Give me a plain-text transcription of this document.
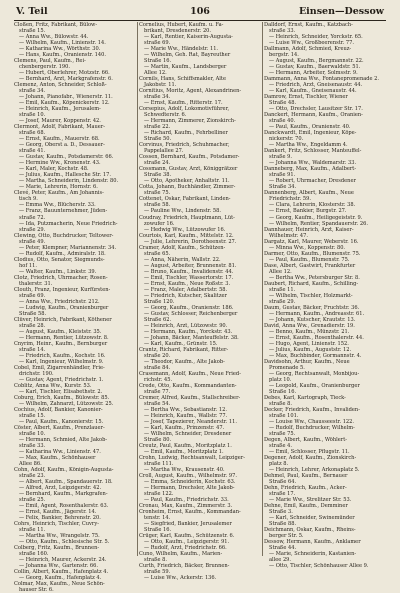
V. Teil	106	Einsen—Dessow
Cloßen, Fritz, Fabrikant, Bülow-
straße 15.
— Anna Ww., Bülowstr. 44.
— Wilhelm, Kaufm., Linienstr. 14.
— Katharina Ww., Wörthstr. 30.
— Hans, Kaufm., Oranienstr. 140.
Clemens, Paul, Kaufm., Rei-
chenbergerstr. 190.
— Hubert, Oberlehrer, Motzstr. 66.
— Bernhard, Arzt, Markgrafenstr. 6.
Clemenz, Anton, Schneider, Schloß-
straße 34.
— Johann, Pianofabr., Wienerstr. 11.
— Emil, Kaufm., Köpenickerstr. 12.
— Heinrich, Kaufm., Jerusalem-
straße 10.
— Josef, Maurer, Koppenstr. 42.
Clermont, Adolf, Fabrikant, Mauer-
straße 68.
— Ernst, Kaufm., Mauerstr. 68.
— Georg, Oberst a. D., Dessauer-
straße 41.
— Gustav, Kaufm., Potsdamerstr. 66.
— Hermine Ww., Kronenstr. 43.
— Karl, Maler, Kochstr. 48.
— Julius, Kaufm., Hallesche Str. 17.
— Martha, Schneiderin, Lindenstr. 80.
— Marie, Lehrerin, Hornstr. 6.
Clevé, Peter, Kaufm., Am Johannis-
tisch 9.
— Emma Ww., Blücherstr. 33.
— Franz, Bauunternehmer, Jüden-
straße 72.
— Ida, Putzmacherin, Neue Friedrich-
straße 29.
Clewing, Otto, Buchdrucker, Teltower-
straße 49.
— Peter, Klempner, Mariannenstr. 34.
— Rudolf, Kaufm., Admiralstr. 18.
Clodius, Otto, Senator, Siegmunds-
hof 11.
— Walter, Kaufm., Linkstr. 39.
Clotz, Friedrich, Uhrmacher, Rosen-
thalerstr. 31.
Clouth, Franz, Ingenieur, Kurfürsten-
straße 69.
— Anna Ww., Friedrichstr. 212.
— Ludwig, Kaufm., Oranienburger
Straße 58.
Clüver, Heinrich, Fabrikant, Köthener
straße 28.
— August, Kaufm., Kleiststr. 35.
— Hermann, Rentier, Lützowstr. 8.
Cnyrim, Heinr., Kaufm., Bernburger
straße 14.
— Friedrich, Kaufm., Kochstr. 16.
— Karl, Ingenieur, Wilhelmstr. 9.
Cobel, Emil, Zigarrenhändler, Frie-
drichstr. 190.
— Gustav, Agent, Friedrichstr. 1.
Coblitz, Anna Ww., Kurstr. 53.
— Karl, Tischler, Elisabethstr. 2.
Coburg, Erich, Kaufm., Bülowstr. 85.
— Wilhelm, Zahnarzt, Lützowstr. 25.
Cochius, Adolf, Bankier, Kanonier-
straße 15.
— Paul, Kaufm., Kanonierstr. 15.
Cöster, Albert, Kaufm., Prenzlauer-
straße 10.
— Hermann, Schmied, Alte Jakob-
straße 33.
— Katharina Ww., Linienstr. 47.
— Max, Kaufm., Schönhauser
Allee 86.
Cohn, Adolf, Kaufm., Königin-Augusta-
straße 23.
— Albert, Kaufm., Spandauerstr. 18.
— Alfred, Arzt, Leipzigerstr. 42.
— Bernhard, Kaufm., Markgrafen-
straße 25.
— Emil, Agent, Rosenthalerstr. 63.
— Ernst, Kaufm., Jägerstr. 14.
— Felix, Bankier, Behrenstr. 20.
Cohrs, Heinrich, Tischler, Cuvry-
straße 11.
— Martha Ww., Wrangelstr. 75.
— Otto, Kaufm., Schlesische Str. 5.
Colberg, Fritz, Kaufm., Brunnen-
straße 160.
— Heinrich, Maurer, Ackerstr. 24.
— Johanna Ww., Gartenstr. 66.
Collin, Albert, Kaufm., Hafenplatz 4.
— Georg, Kaufm., Hafenplatz 4.
Colmar, Max, Kaufm., Neue Schön-
hauser Str. 6.
Cornelius, Hubert, Kaufm. u. Fa-
brikant, Dresdenerstr. 20.
— Karl, Rentier, Kaiserin-Augusta-
straße 69.
— Marie Ww., Händelstr. 11.
— Wilhelm, Geh. Rat, Bayreuther
Straße 16.
— Martin, Kaufm., Landsberger
Allee 12.
Cornils, Hans, Schiffsmakler, Alte
Jakobstr. 11.
Cornitius, Moritz, Agent, Alexandrinen-
straße 34.
— Ernst, Kaufm., Ritterstr. 17.
Corsepius, Adolf, Lokomotivführer,
Schwedterstr. 6.
— Hermann, Zimmerer, Zionskirch-
straße 22.
— Richard, Kaufm., Fehrbelliner
Straße 50.
Corvinus, Friedrich, Schuhmacher,
Pappelallee 27.
Cossen, Bernhard, Kaufm., Potsdamer-
straße 24.
Cossmann, Gustav, Arzt, Königgrätzer
Straße 38.
— Otto, Apotheker, Anhaltstr. 11.
Cotta, Johann, Buchhändler, Zimmer-
straße 75.
Cottenet, Oskar, Fabrikant, Linden-
straße 58.
— Pauline Ww., Lindenstr. 58.
Coudray, Friedrich, Hauptmann, Lüt-
zowufer 16.
— Hedwig Ww., Lützowufer 16.
Courtois, Karl, Kaufm., Mittelstr. 12.
— Julie, Lehrerin, Dorotheenstr. 27.
Cramer, Adolf, Kaufm., Schützen-
straße 65.
— Anna, Näherin, Wallstr. 22.
— August, Arbeiter, Brunnenstr. 81.
— Bruno, Kaufm., Invalidenstr. 44.
— Emil, Tischler, Wassertorstr. 17.
— Ernst, Kaufm., Neue Roßstr. 3.
— Franz, Maler, Adalbertstr. 58.
— Friedrich, Kutscher, Skalitzer
Straße 120.
— Georg, Kaufm., Oranienstr. 186.
— Gustav, Schlosser, Reichenberger
Straße 62.
— Heinrich, Arzt, Lützowstr. 90.
— Hermann, Kaufm., Yorckstr. 43.
— Johann, Bäcker, Manteuffelstr. 38.
— Karl, Kaufm., Grünstr. 15.
Crantz, Richard, Fabrikant, Ritter-
straße 20.
— Theodor, Kaufm., Alte Jakob-
straße 84.
Crasemann, Adolf, Kaufm., Neue Fried-
richstr. 45.
Crede, Otto, Kaufm., Kommandanten-
straße 77.
Cremer, Alfred, Kaufm., Stallschreiber-
straße 54.
— Bertha Ww., Sebastianstr. 12.
— Heinrich, Kaufm., Wallstr. 77.
— Josef, Tapezierer, Neanderstr. 11.
— Karl, Kaufm., Prinzenstr. 47.
— Wilhelm, Schneider, Dresdener
Straße 80.
Creutz, Paul, Kaufm., Moritzplatz 1.
— Emil, Kaufm., Moritzplatz 1.
Crohn, Ludwig, Rechtsanwalt, Leipziger-
straße 111.
— Martha Ww., Krausenstr. 40.
Croll, August, Kaufm., Wilhelmstr. 97.
— Emma, Schneiderin, Kochstr. 63.
— Hermann, Drechsler, Alte Jakob-
straße 122.
— Paul, Kaufm., Friedrichstr. 33.
Cronau, Max, Kaufm., Zimmerstr. 3.
Cronheim, Ernst, Kaufm., Kommandan-
tenstr. 14.
— Siegfried, Bankier, Jerusalemer
Straße 16.
Crüger, Karl, Kaufm., Schützenstr. 6.
— Otto, Kaufm., Leipzigerstr. 91.
— Rudolf, Arzt, Friedrichstr. 66.
Cuno, Wilhelm, Kaufm., Marien-
straße 8.
Curth, Friedrich, Bäcker, Brunnen-
straße 59.
— Luise Ww., Ackerstr. 136.
Dalldorf, Ernst, Kaufm., Katzbach-
straße 33.
— Heinrich, Schneider, Yorckstr. 65.
— Luise Ww., Großbeerenstr. 77.
Dallmann, Adolf, Schmied, Kreuz-
bergstr. 14.
— August, Kaufm., Bergmannstr. 22.
— Gustav, Kaufm., Baerwaldstr. 51.
— Hermann, Arbeiter, Solmsstr. 9.
Dammann, Anna Ww., Fontanepromenade 2.
— Friedrich, Arzt, Gneisenaustr. 44.
— Karl, Kaufm., Gneisenaustr. 44.
Damrow, Ernst, Tischler, Wiener
Straße 48.
— Otto, Drechsler, Lausitzer Str. 17.
Danckert, Hermann, Kaufm., Oranien-
straße 40.
— Paul, Kaufm., Oranienstr. 40.
Danckwardt, Emil, Ingenieur, Köpe-
nickerstr. 70.
— Martha Ww., Engeldamm 4.
Dankert, Fritz, Schlosser, Manteuffel-
straße 9.
— Johanna Ww., Waldemarstr. 33.
Danneberg, Max, Kaufm., Adalbert-
straße 91.
— Robert, Uhrmacher, Dresdener
Straße 34.
Dannenberg, Albert, Kaufm., Neue
Friedrichstr. 59.
— Clara, Lehrerin, Klosterstr. 38.
— Ernst, Bankier, Burgstr. 27.
— Georg, Kaufm., Heiligegeiststr. 9.
— Wilhelm, Rentier, Spandauerstr. 26.
Dannhauer, Heinrich, Arzt, Kaiser-
Wilhelmstr. 47.
Dargatz, Karl, Maurer, Weberstr. 16.
— Minna Ww., Koppenstr. 80.
Darmer, Otto, Kaufm., Blumenstr. 75.
— Paul, Kaufm., Blumenstr. 75.
Dase, Albert, Gastwirt, Frankfurter
Allee 12.
— Bertha Ww., Petersburger Str. 8.
Daubert, Richard, Kaufm., Schilling-
straße 11.
— Wilhelm, Tischler, Holzmarkt-
straße 29.
Daum, Gustav, Bäcker, Fruchtstr. 36.
— Hermann, Kaufm., Andreasstr. 61.
— Johann, Kutscher, Krautstr. 13.
David, Anna Ww., Grenadierstr. 19.
— Benno, Kaufm., Münzstr. 21.
— Ernst, Kaufm., Rosenthalerstr. 44.
— Hugo, Agent, Linienstr. 152.
— Julius, Kaufm., Auguststr. 12.
— Max, Buchbinder, Gormannstr. 4.
Davidsohn, Arthur, Kaufm., Neue
Promenade 5.
— Georg, Rechtsanwalt, Monbijou-
platz 10.
— Leopold, Kaufm., Oranienburger
Straße 16.
Debes, Karl, Kartograph, Tieck-
straße 8.
Decker, Friedrich, Kaufm., Invaliden-
straße 101.
— Louise Ww., Chausseestr. 122.
— Rudolf, Buchdrucker, Wilhelm-
straße 75.
Degen, Albert, Kaufm., Wöhlert-
straße 4.
— Emil, Schlosser, Pflugstr. 11.
Degener, Adolf, Kaufm., Zionskirch-
platz 8.
— Heinrich, Lehrer, Arkonaplatz 5.
Dehmel, Paul, Kaufm., Bernauer
Straße 64.
Dehn, Friedrich, Kaufm., Acker-
straße 17.
— Marie Ww., Strelitzer Str. 53.
Dehne, Emil, Kaufm., Demminer
Straße 3.
— Karl, Schneider, Swinemünder
Straße 88.
Deichmann, Oskar, Kaufm., Rheins-
berger Str. 5.
Dessow, Hermann, Kaufm., Anklamer
Straße 44.
— Marie, Schneiderin, Kastanien-
allee 29.
— Otto, Tischler, Schönhauser Allee 9.
